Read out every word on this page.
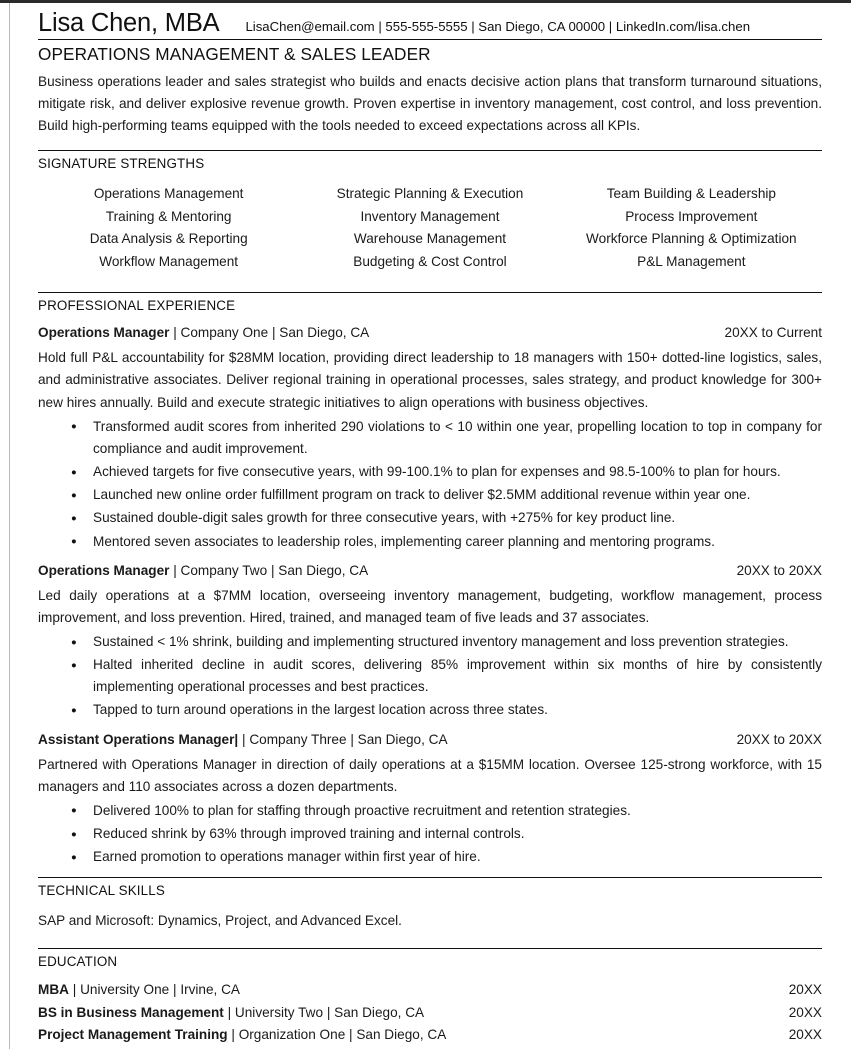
Lisa Chen, MBA LisaChen@email.com | 555-555-5555 | San Diego, CA 00000 | LinkedIn.com/lisa.chen
OPERATIONS MANAGEMENT & SALES LEADER
Business operations leader and sales strategist who builds and enacts decisive action plans that transform turnaround situations, mitigate risk, and deliver explosive revenue growth. Proven expertise in inventory management, cost control, and loss prevention. Build high-performing teams equipped with the tools needed to exceed expectations across all KPIs.
SIGNATURE STRENGTHS
Operations Management	Strategic Planning & Execution	Team Building & Leadership
Training & Mentoring	Inventory Management	Process Improvement
Data Analysis & Reporting	Warehouse Management	Workforce Planning & Optimization
Workflow Management	Budgeting & Cost Control	P&L Management
PROFESSIONAL EXPERIENCE
Operations Manager | Company One | San Diego, CA	20XX to Current
Hold full P&L accountability for $28MM location, providing direct leadership to 18 managers with 150+ dotted-line logistics, sales, and administrative associates. Deliver regional training in operational processes, sales strategy, and product knowledge for 300+ new hires annually. Build and execute strategic initiatives to align operations with business objectives.
● Transformed audit scores from inherited 290 violations to < 10 within one year, propelling location to top in company for compliance and audit improvement.
● Achieved targets for five consecutive years, with 99-100.1% to plan for expenses and 98.5-100% to plan for hours.
● Launched new online order fulfillment program on track to deliver $2.5MM additional revenue within year one.
● Sustained double-digit sales growth for three consecutive years, with +275% for key product line.
● Mentored seven associates to leadership roles, implementing career planning and mentoring programs.
Operations Manager | Company Two | San Diego, CA	20XX to 20XX
Led daily operations at a $7MM location, overseeing inventory management, budgeting, workflow management, process improvement, and loss prevention. Hired, trained, and managed team of five leads and 37 associates.
● Sustained < 1% shrink, building and implementing structured inventory management and loss prevention strategies.
● Halted inherited decline in audit scores, delivering 85% improvement within six months of hire by consistently implementing operational processes and best practices.
● Tapped to turn around operations in the largest location across three states.
Assistant Operations Manager| | Company Three | San Diego, CA	20XX to 20XX
Partnered with Operations Manager in direction of daily operations at a $15MM location. Oversee 125-strong workforce, with 15 managers and 110 associates across a dozen departments.
● Delivered 100% to plan for staffing through proactive recruitment and retention strategies.
● Reduced shrink by 63% through improved training and internal controls.
● Earned promotion to operations manager within first year of hire.
TECHNICAL SKILLS
SAP and Microsoft: Dynamics, Project, and Advanced Excel.
EDUCATION
MBA | University One | Irvine, CA	20XX
BS in Business Management | University Two | San Diego, CA	20XX
Project Management Training | Organization One | San Diego, CA	20XX
